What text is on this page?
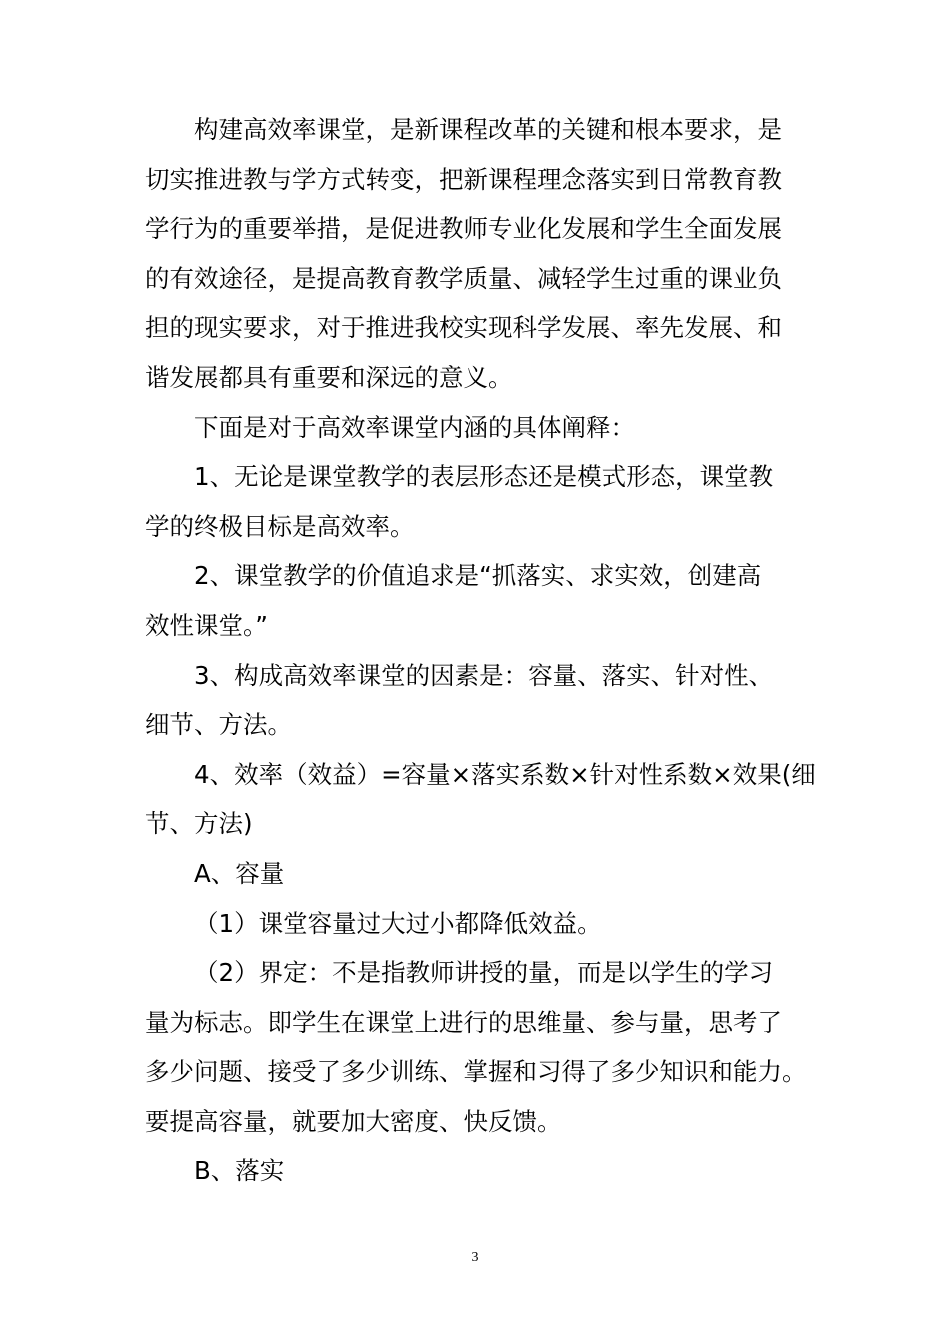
构建高效率课堂，是新课程改革的关键和根本要求，是
切实推进教与学方式转变，把新课程理念落实到日常教育教
学行为的重要举措，是促进教师专业化发展和学生全面发展
的有效途径，是提高教育教学质量、减轻学生过重的课业负
担的现实要求，对于推进我校实现科学发展、率先发展、和
谐发展都具有重要和深远的意义。
下面是对于高效率课堂内涵的具体阐释：
1、无论是课堂教学的表层形态还是模式形态，课堂教
学的终极目标是高效率。
2、课堂教学的价值追求是“抓落实、求实效，创建高
效性课堂。”
3、构成高效率课堂的因素是：容量、落实、针对性、
细节、方法。
4、效率（效益）=容量×落实系数×针对性系数×效果(细
节、方法)
A、容量
（1）课堂容量过大过小都降低效益。
（2）界定：不是指教师讲授的量，而是以学生的学习
量为标志。即学生在课堂上进行的思维量、参与量，思考了
多少问题、接受了多少训练、掌握和习得了多少知识和能力。
要提高容量，就要加大密度、快反馈。
B、落实
3
